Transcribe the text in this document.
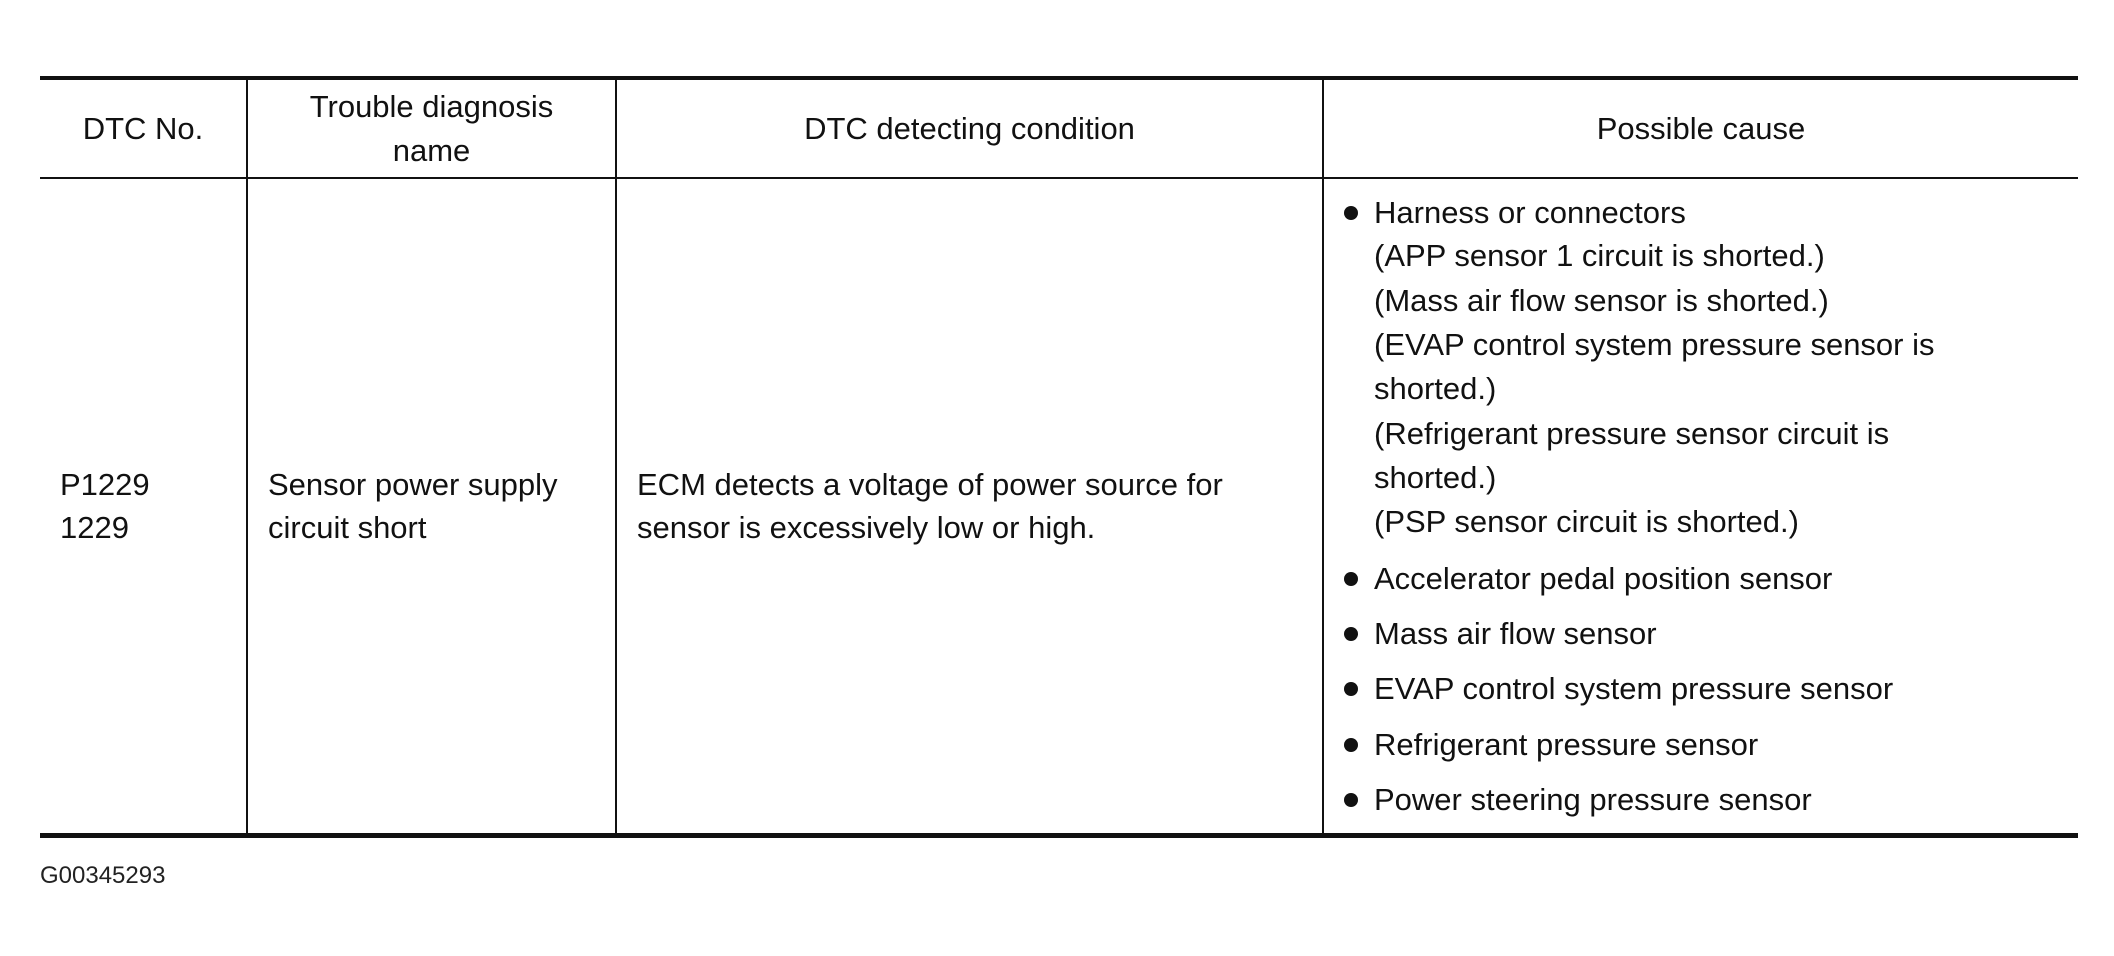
DTC No.
Trouble diagnosis
name
DTC detecting condition	Possible cause
P1229
1229
Sensor power supply
circuit short
ECM detects a voltage of power source for
sensor is excessively low or high.
Harness or connectors
(APP sensor 1 circuit is shorted.)
(Mass air flow sensor is shorted.)
(EVAP control system pressure sensor is
shorted.)
(Refrigerant pressure sensor circuit is
shorted.)
(PSP sensor circuit is shorted.)
Accelerator pedal position sensor
Mass air flow sensor
EVAP control system pressure sensor
Refrigerant pressure sensor
Power steering pressure sensor
G00345293
